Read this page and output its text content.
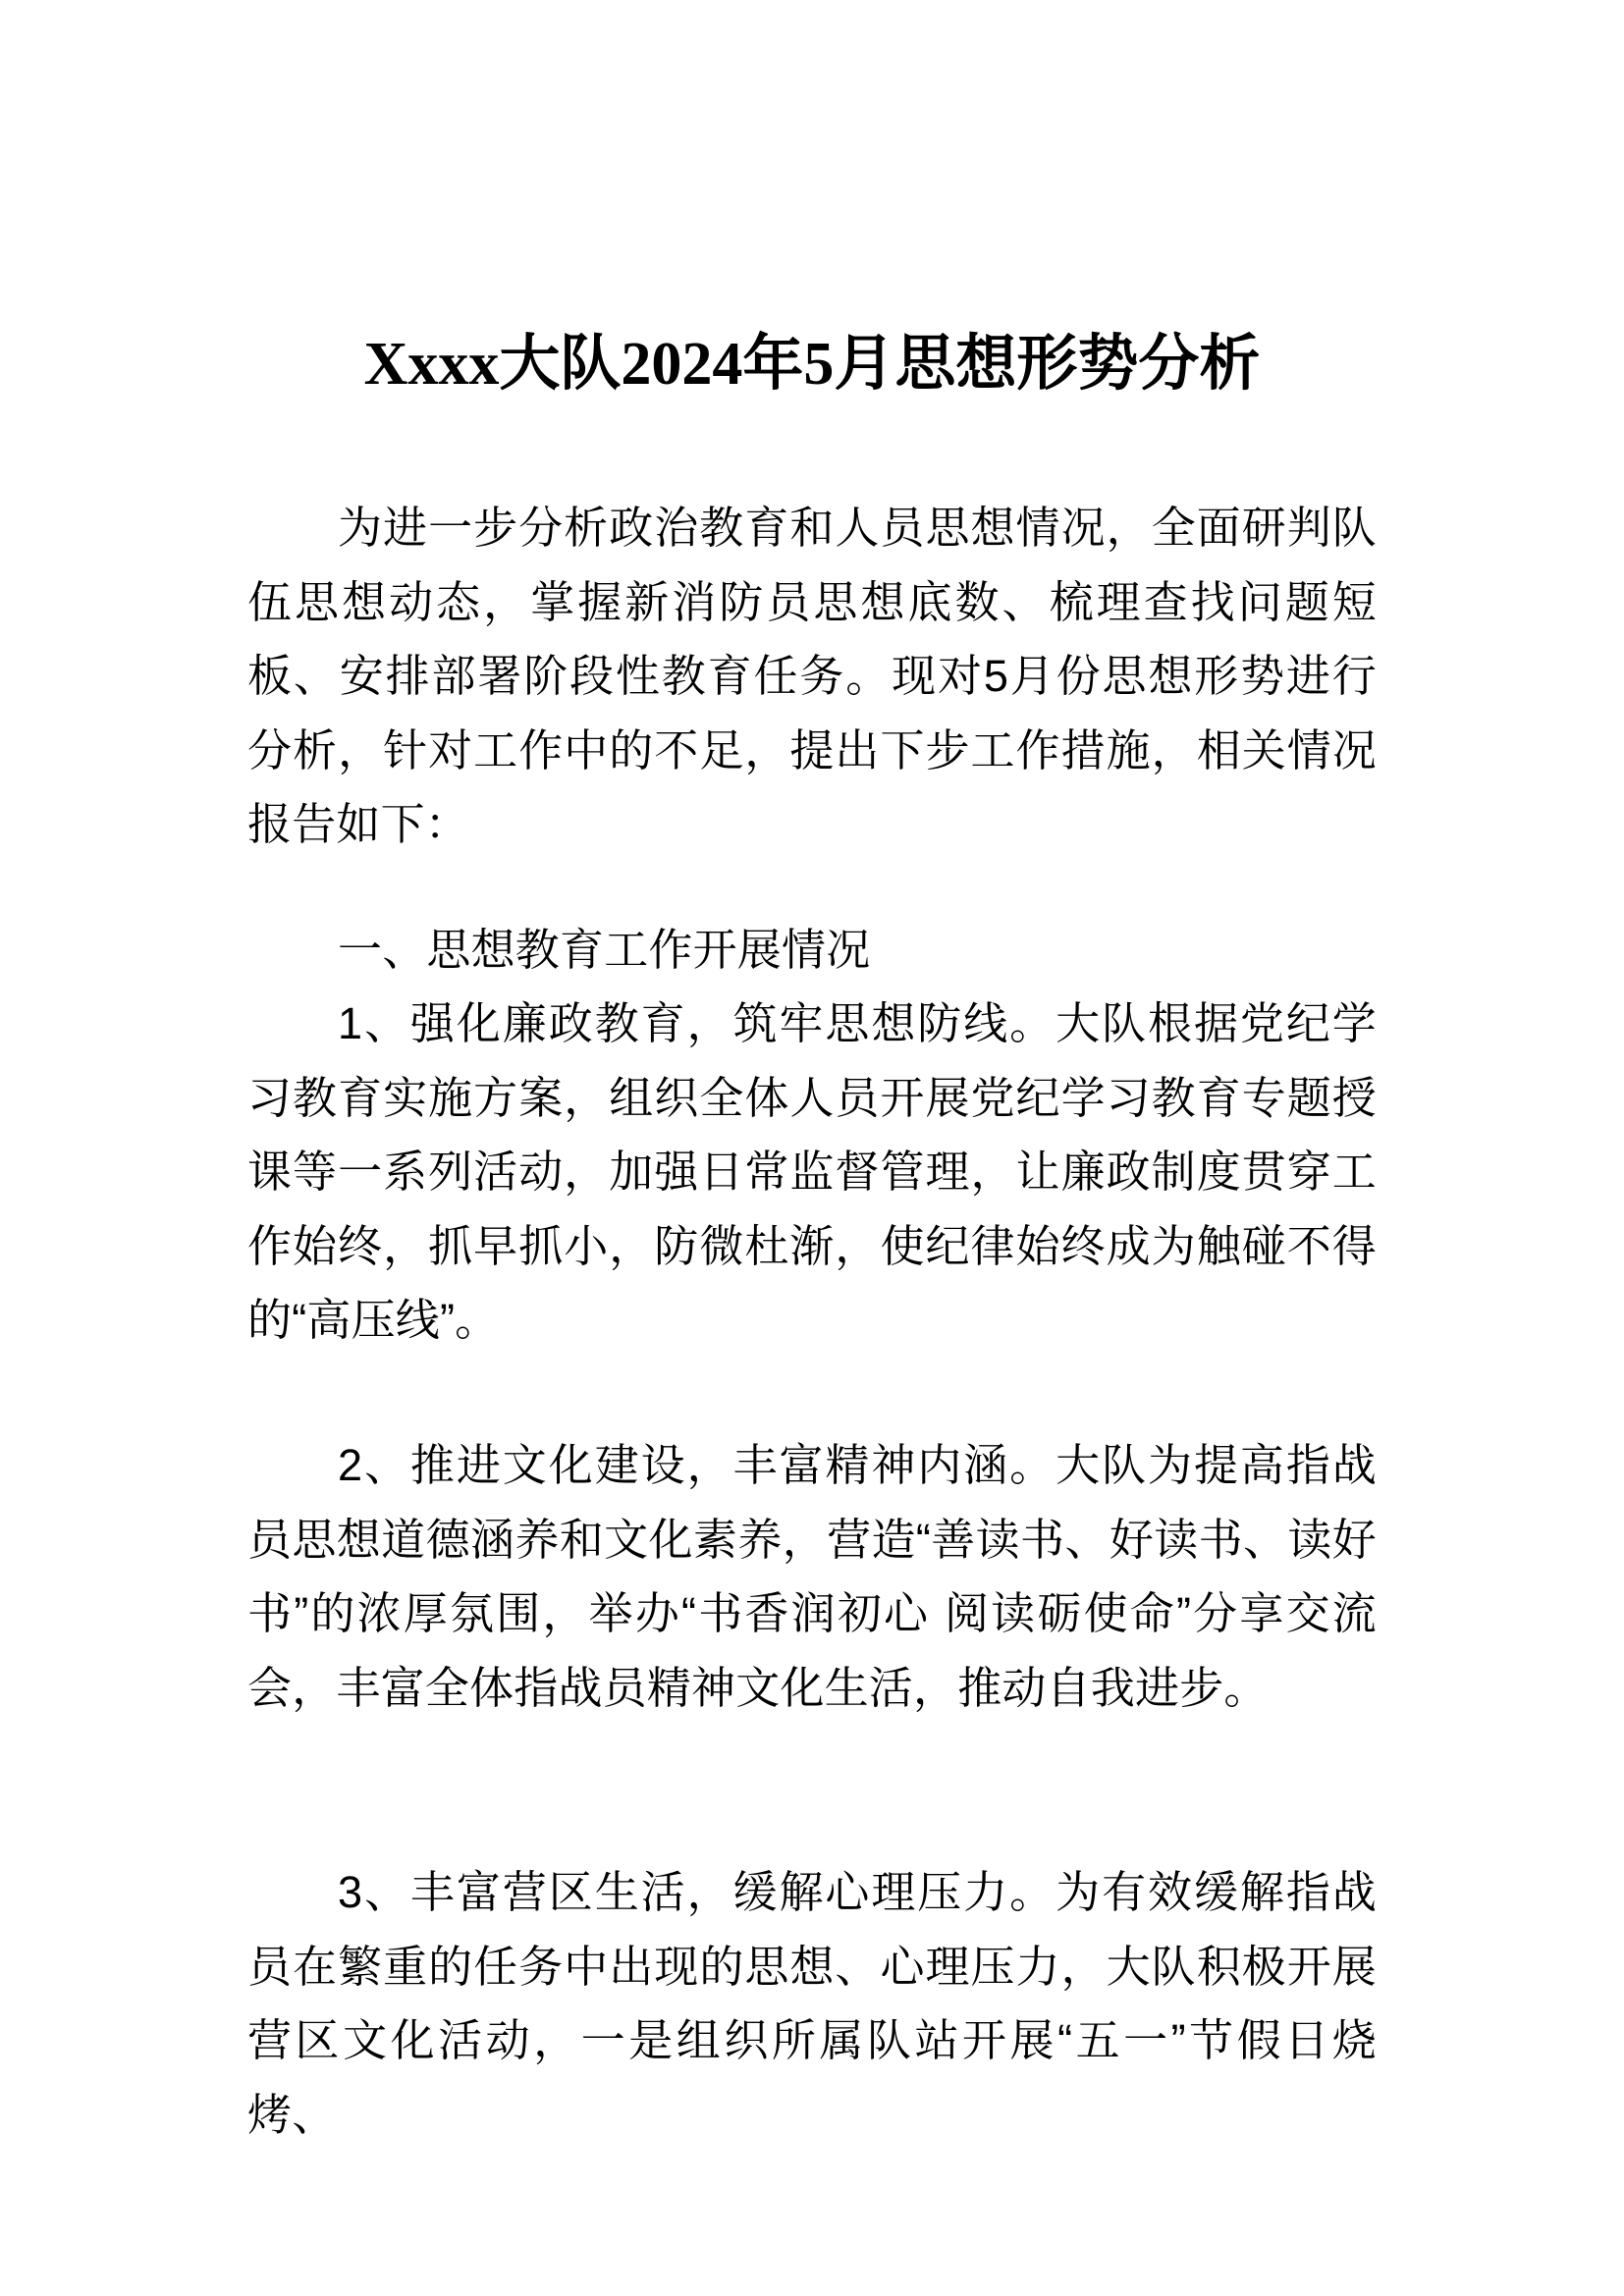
Xxxx大队2024年5月思想形势分析

为进一步分析政治教育和人员思想情况，全面研判队伍思想动态，掌握新消防员思想底数、梳理查找问题短板、安排部署阶段性教育任务。现对5月份思想形势进行分析，针对工作中的不足，提出下步工作措施，相关情况报告如下：

一、思想教育工作开展情况

1、强化廉政教育，筑牢思想防线。大队根据党纪学习教育实施方案，组织全体人员开展党纪学习教育专题授课等一系列活动，加强日常监督管理，让廉政制度贯穿工作始终，抓早抓小，防微杜渐，使纪律始终成为触碰不得的“高压线”。

2、推进文化建设，丰富精神内涵。大队为提高指战员思想道德涵养和文化素养，营造“善读书、好读书、读好书”的浓厚氛围，举办“书香润初心 阅读砺使命”分享交流会，丰富全体指战员精神文化生活，推动自我进步。

3、丰富营区生活，缓解心理压力。为有效缓解指战员在繁重的任务中出现的思想、心理压力，大队积极开展营区文化活动，一是组织所属队站开展“五一”节假日烧烤、
